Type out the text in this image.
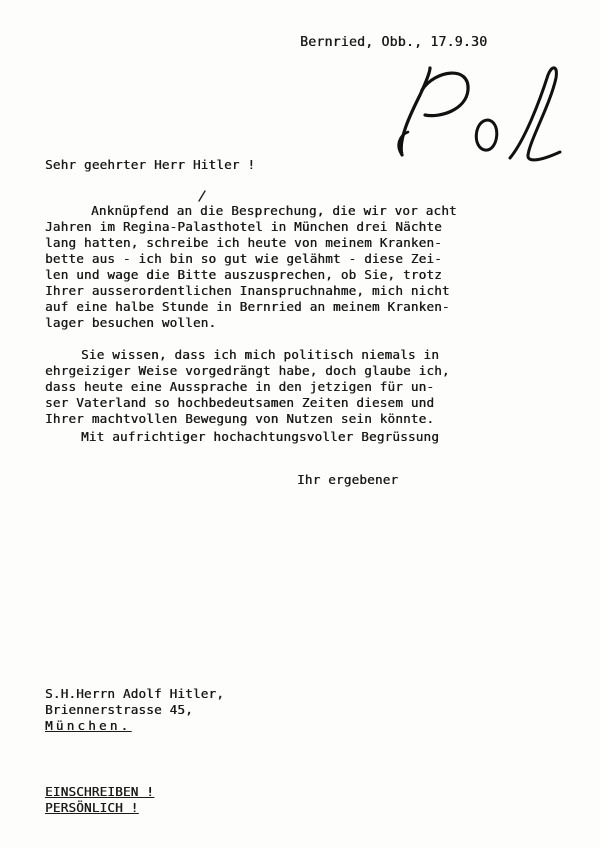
Bernried, Obb., 17.9.30
Sehr geehrter Herr Hitler !
Anknüpfend an die Besprechung, die wir vor acht
Jahren im Regina-Palasthotel in München drei Nächte
lang hatten, schreibe ich heute von meinem Kranken-
bette aus - ich bin so gut wie gelähmt - diese Zei-
len und wage die Bitte auszusprechen, ob Sie, trotz
Ihrer ausserordentlichen Inanspruchnahme, mich nicht
auf eine halbe Stunde in Bernried an meinem Kranken-
lager besuchen wollen.
Sie wissen, dass ich mich politisch niemals in
ehrgeiziger Weise vorgedrängt habe, doch glaube ich,
dass heute eine Aussprache in den jetzigen für un-
ser Vaterland so hochbedeutsamen Zeiten diesem und
Ihrer machtvollen Bewegung von Nutzen sein könnte.
Mit aufrichtiger hochachtungsvoller Begrüssung
Ihr ergebener
S.H.Herrn Adolf Hitler,
Briennerstrasse 45,
München.
EINSCHREIBEN !
PERSÖNLICH !
